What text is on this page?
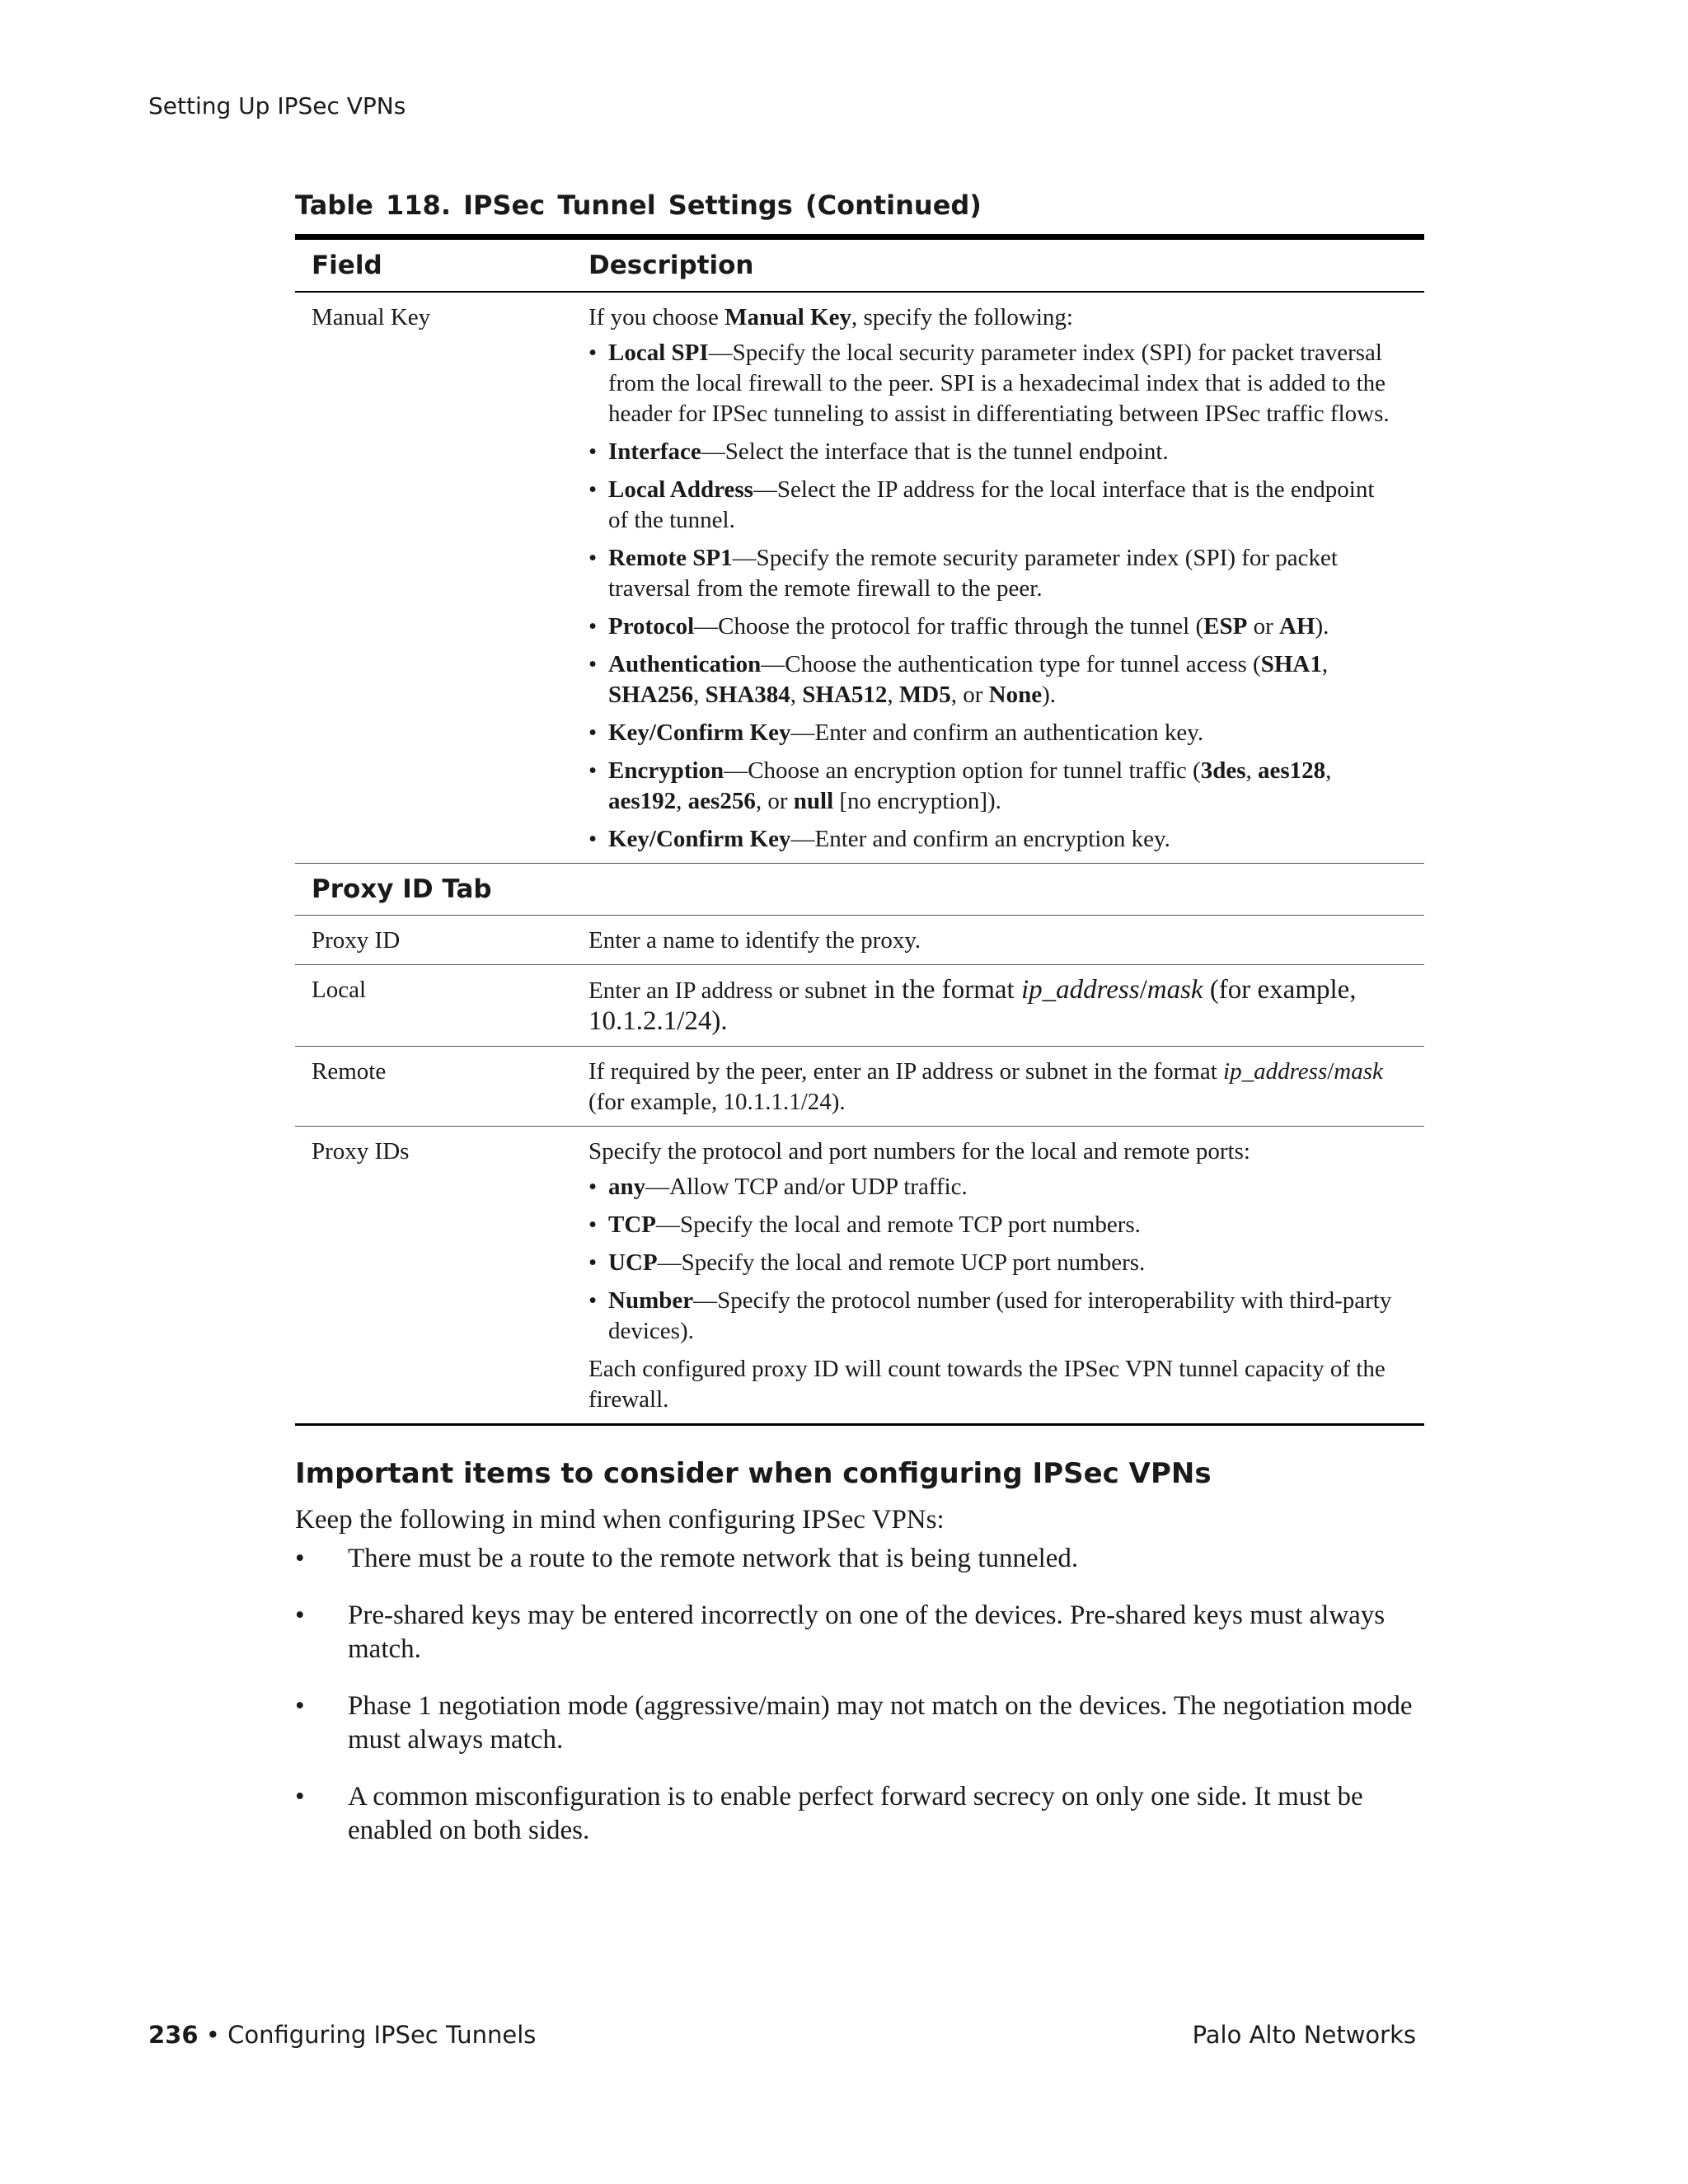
Setting Up IPSec VPNs
Table 118. IPSec Tunnel Settings (Continued)
Field	Description
Manual Key	If you choose Manual Key, specify the following:

• Local SPI—Specify the local security parameter index (SPI) for packet traversal from the local firewall to the peer. SPI is a hexadecimal index that is added to the header for IPSec tunneling to assist in differentiating between IPSec traffic flows.
• Interface—Select the interface that is the tunnel endpoint.
• Local Address—Select the IP address for the local interface that is the endpoint of the tunnel.
• Remote SP1—Specify the remote security parameter index (SPI) for packet traversal from the remote firewall to the peer.
• Protocol—Choose the protocol for traffic through the tunnel (ESP or AH).
• Authentication—Choose the authentication type for tunnel access (SHA1, SHA256, SHA384, SHA512, MD5, or None).
• Key/Confirm Key—Enter and confirm an authentication key.
• Encryption—Choose an encryption option for tunnel traffic (3des, aes128, aes192, aes256, or null [no encryption]).
• Key/Confirm Key—Enter and confirm an encryption key.
Proxy ID Tab
Proxy ID	Enter a name to identify the proxy.
Local	Enter an IP address or subnet in the format ip_address/mask (for example, 10.1.2.1/24).
Remote	If required by the peer, enter an IP address or subnet in the format ip_address/mask (for example, 10.1.1.1/24).
Proxy IDs	Specify the protocol and port numbers for the local and remote ports:

• any—Allow TCP and/or UDP traffic.
• TCP—Specify the local and remote TCP port numbers.
• UCP—Specify the local and remote UCP port numbers.
• Number—Specify the protocol number (used for interoperability with third-party devices).

Each configured proxy ID will count towards the IPSec VPN tunnel capacity of the firewall.

Important items to consider when configuring IPSec VPNs

Keep the following in mind when configuring IPSec VPNs:

• There must be a route to the remote network that is being tunneled.
• Pre-shared keys may be entered incorrectly on one of the devices. Pre-shared keys must always match.
• Phase 1 negotiation mode (aggressive/main) may not match on the devices. The negotiation mode must always match.
• A common misconfiguration is to enable perfect forward secrecy on only one side. It must be enabled on both sides.
236 • Configuring IPSec Tunnels	Palo Alto Networks
